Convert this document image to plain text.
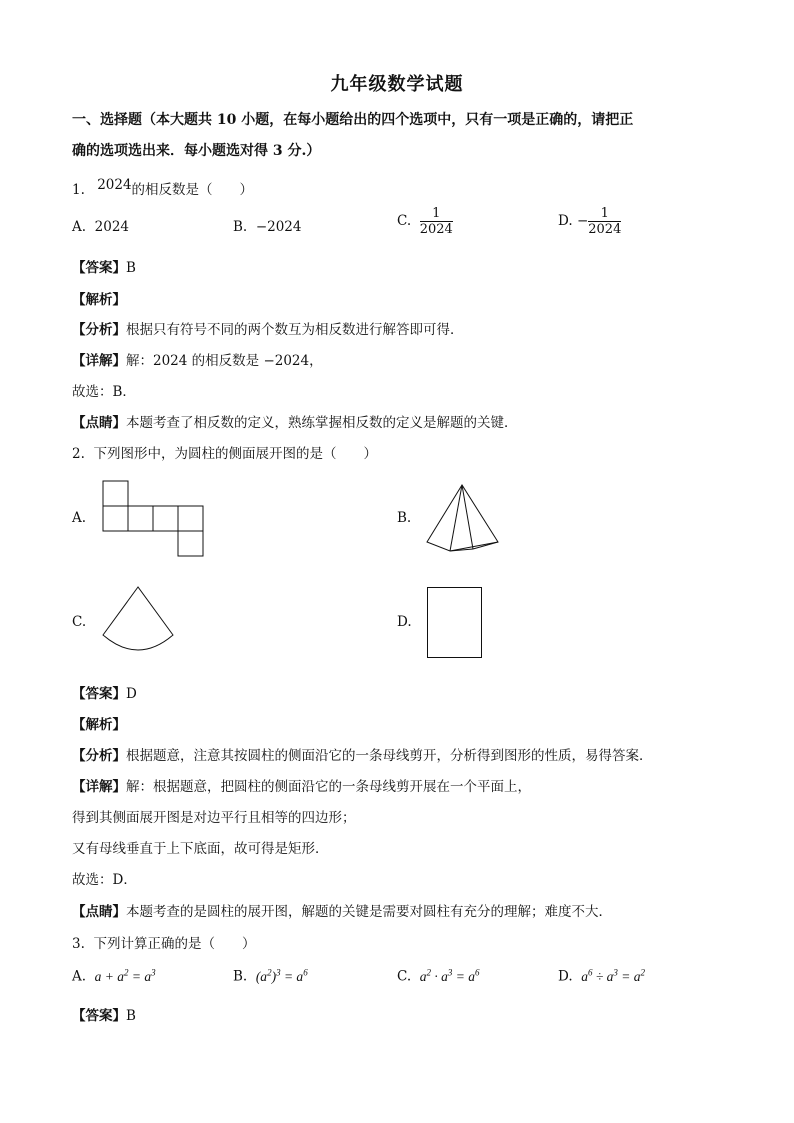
九年级数学试题
一、选择题（本大题共 10 小题，在每小题给出的四个选项中，只有一项是正确的，请把正
确的选项选出来．每小题选对得 3 分.）
1. 2024的相反数是（　　）
A. 2024	B. −2024	C. $\frac{1}{2024}$	D. − $\frac{1}{2024}$
【答案】B
【解析】
【分析】根据只有符号不同的两个数互为相反数进行解答即可得．
【详解】解：2024 的相反数是 −2024，
故选：B．
【点睛】本题考查了相反数的定义，熟练掌握相反数的定义是解题的关键．
2. 下列图形中，为圆柱的侧面展开图的是（　　）
A.	B.
C.	D.
【答案】D
【解析】
【分析】根据题意，注意其按圆柱的侧面沿它的一条母线剪开，分析得到图形的性质，易得答案．
【详解】解：根据题意，把圆柱的侧面沿它的一条母线剪开展在一个平面上，
得到其侧面展开图是对边平行且相等的四边形；
又有母线垂直于上下底面，故可得是矩形．
故选：D．
【点睛】本题考查的是圆柱的展开图，解题的关键是需要对圆柱有充分的理解；难度不大．
3. 下列计算正确的是（　　）
A. $a + a^2 = a^3$	B. $(a^2)^3 = a^6$	C. $a^2 \cdot a^3 = a^6$	D. $a^6 \div a^3 = a^2$
【答案】B
